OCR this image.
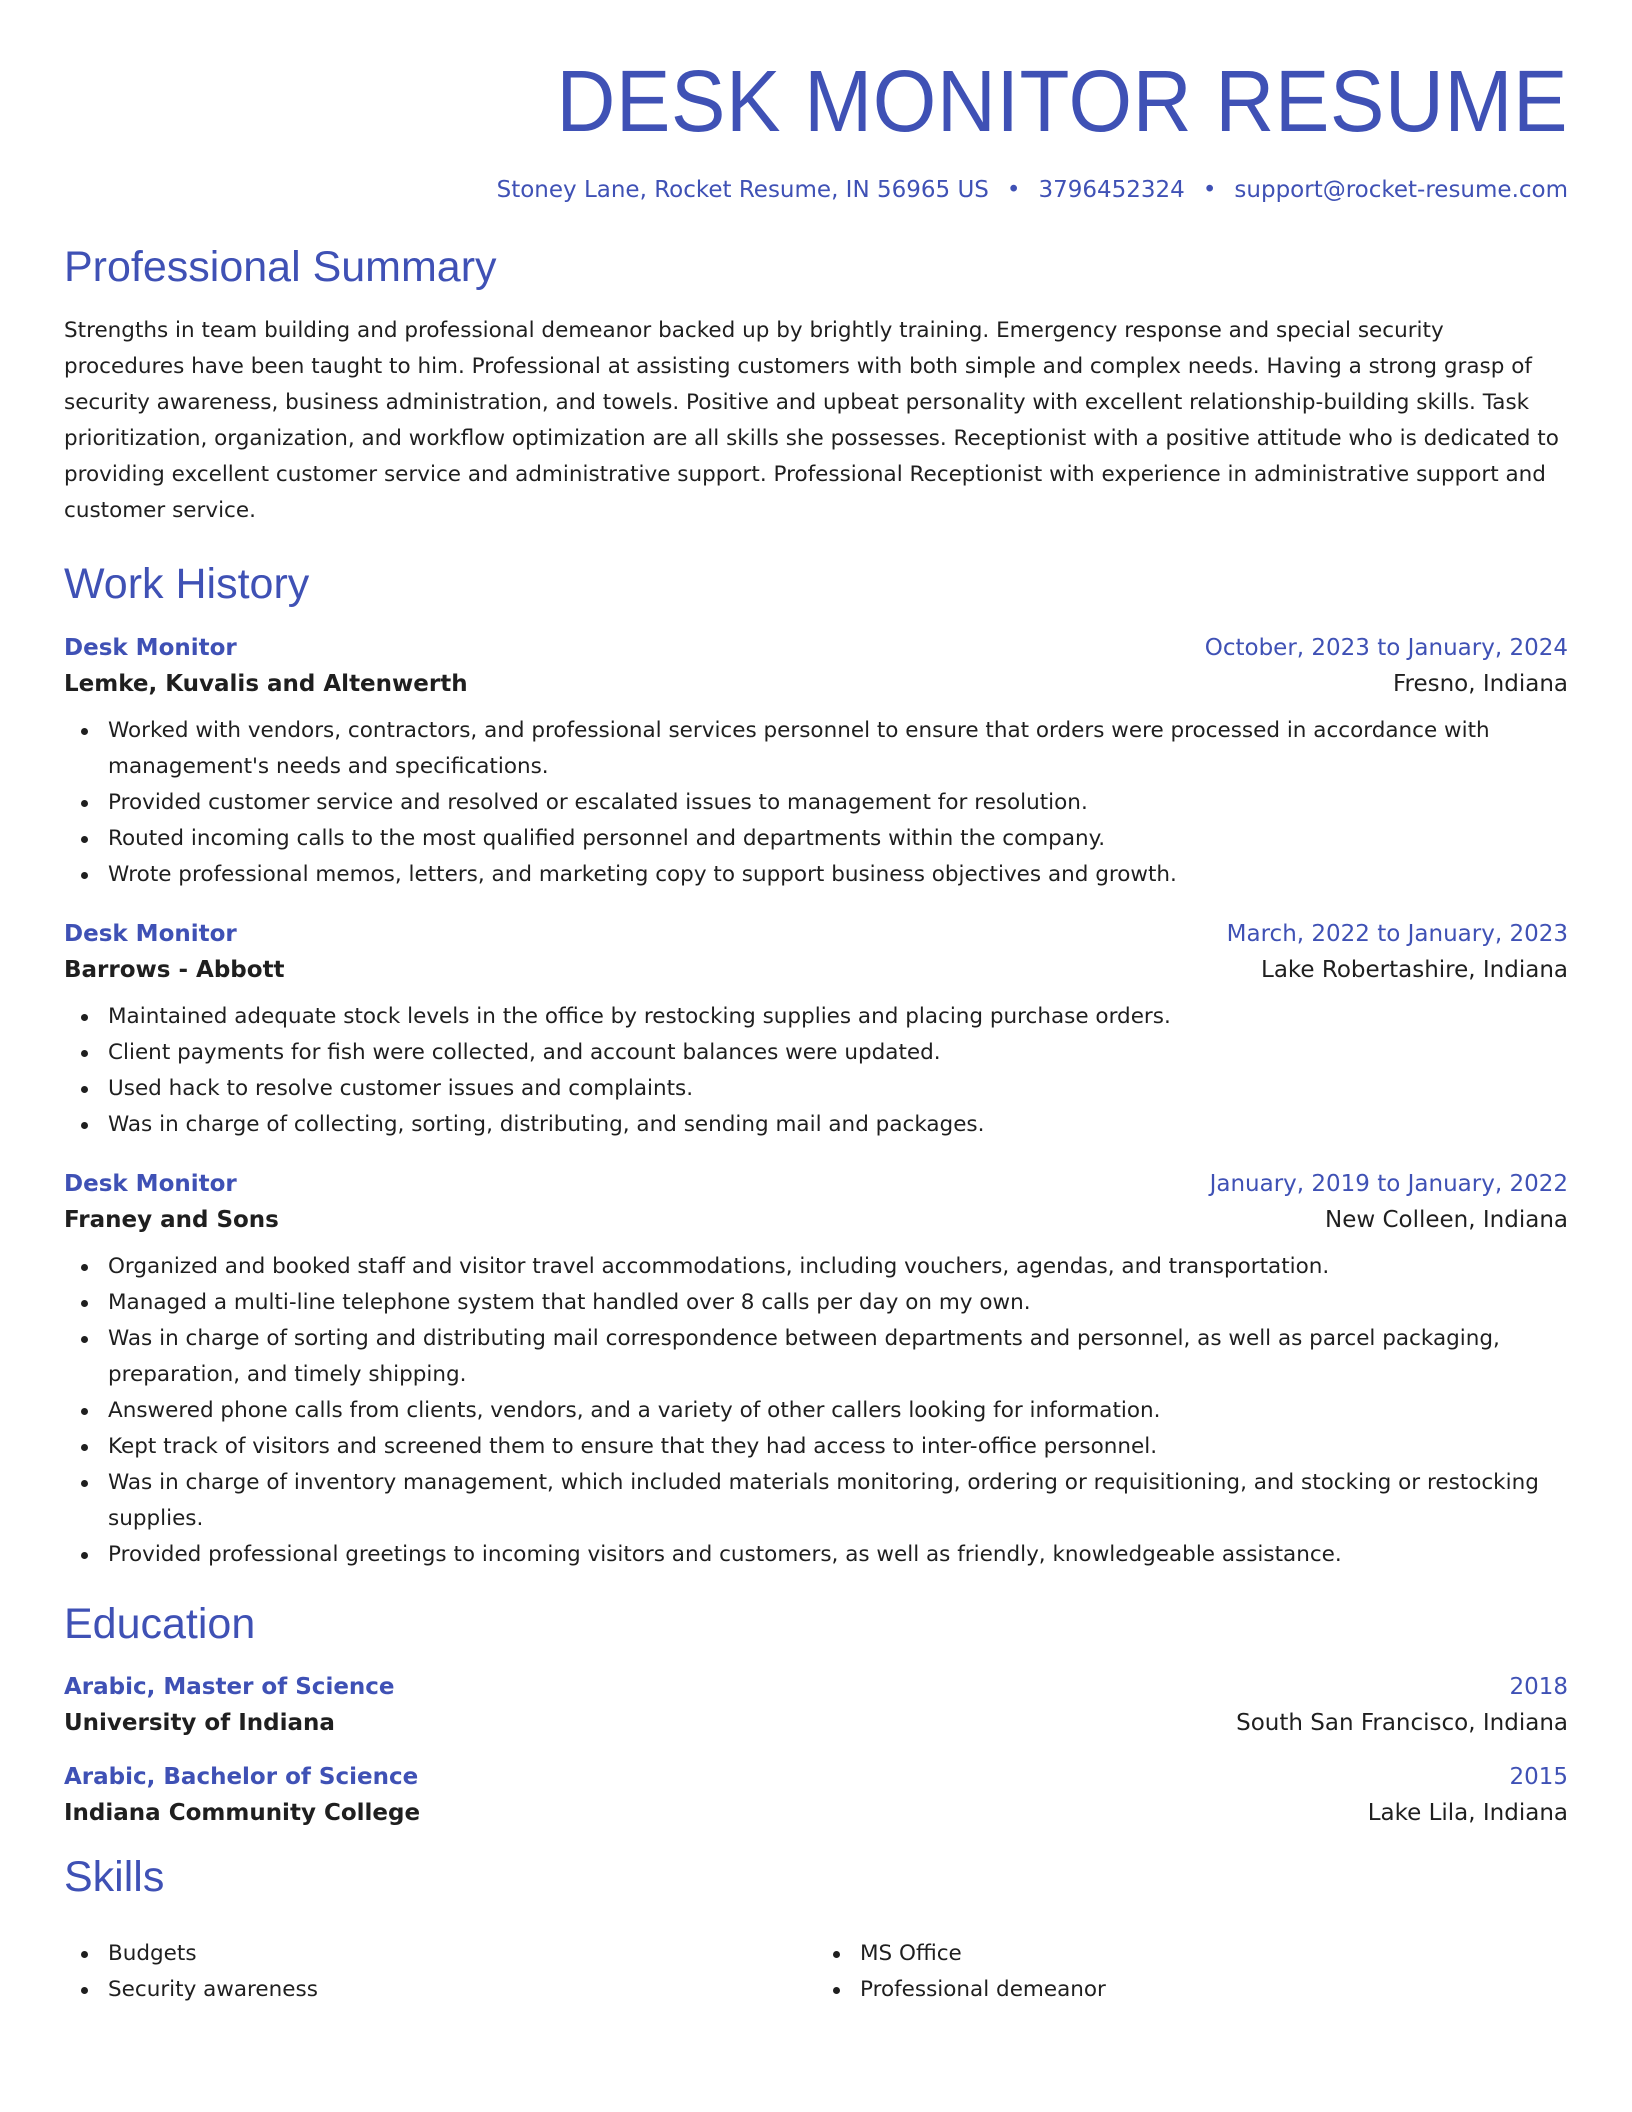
DESK MONITOR RESUME
Stoney Lane, Rocket Resume, IN 56965 US • 3796452324 • support@rocket-resume.com
Professional Summary

Strengths in team building and professional demeanor backed up by brightly training. Emergency response and special security procedures have been taught to him. Professional at assisting customers with both simple and complex needs. Having a strong grasp of security awareness, business administration, and towels. Positive and upbeat personality with excellent relationship-building skills. Task prioritization, organization, and workflow optimization are all skills she possesses. Receptionist with a positive attitude who is dedicated to providing excellent customer service and administrative support. Professional Receptionist with experience in administrative support and customer service.

Work History
Desk Monitor	October, 2023 to January, 2024
Lemke, Kuvalis and Altenwerth	Fresno, Indiana
Worked with vendors, contractors, and professional services personnel to ensure that orders were processed in accordance with management's needs and specifications.
Provided customer service and resolved or escalated issues to management for resolution.
Routed incoming calls to the most qualified personnel and departments within the company.
Wrote professional memos, letters, and marketing copy to support business objectives and growth.
Desk Monitor	March, 2022 to January, 2023
Barrows - Abbott	Lake Robertashire, Indiana
Maintained adequate stock levels in the office by restocking supplies and placing purchase orders.
Client payments for fish were collected, and account balances were updated.
Used hack to resolve customer issues and complaints.
Was in charge of collecting, sorting, distributing, and sending mail and packages.
Desk Monitor	January, 2019 to January, 2022
Franey and Sons	New Colleen, Indiana
Organized and booked staff and visitor travel accommodations, including vouchers, agendas, and transportation.
Managed a multi-line telephone system that handled over 8 calls per day on my own.
Was in charge of sorting and distributing mail correspondence between departments and personnel, as well as parcel packaging, preparation, and timely shipping.
Answered phone calls from clients, vendors, and a variety of other callers looking for information.
Kept track of visitors and screened them to ensure that they had access to inter-office personnel.
Was in charge of inventory management, which included materials monitoring, ordering or requisitioning, and stocking or restocking supplies.
Provided professional greetings to incoming visitors and customers, as well as friendly, knowledgeable assistance.
Education
Arabic, Master of Science	2018
University of Indiana	South San Francisco, Indiana
Arabic, Bachelor of Science	2015
Indiana Community College	Lake Lila, Indiana
Skills
Budgets
Security awareness
MS Office
Professional demeanor
